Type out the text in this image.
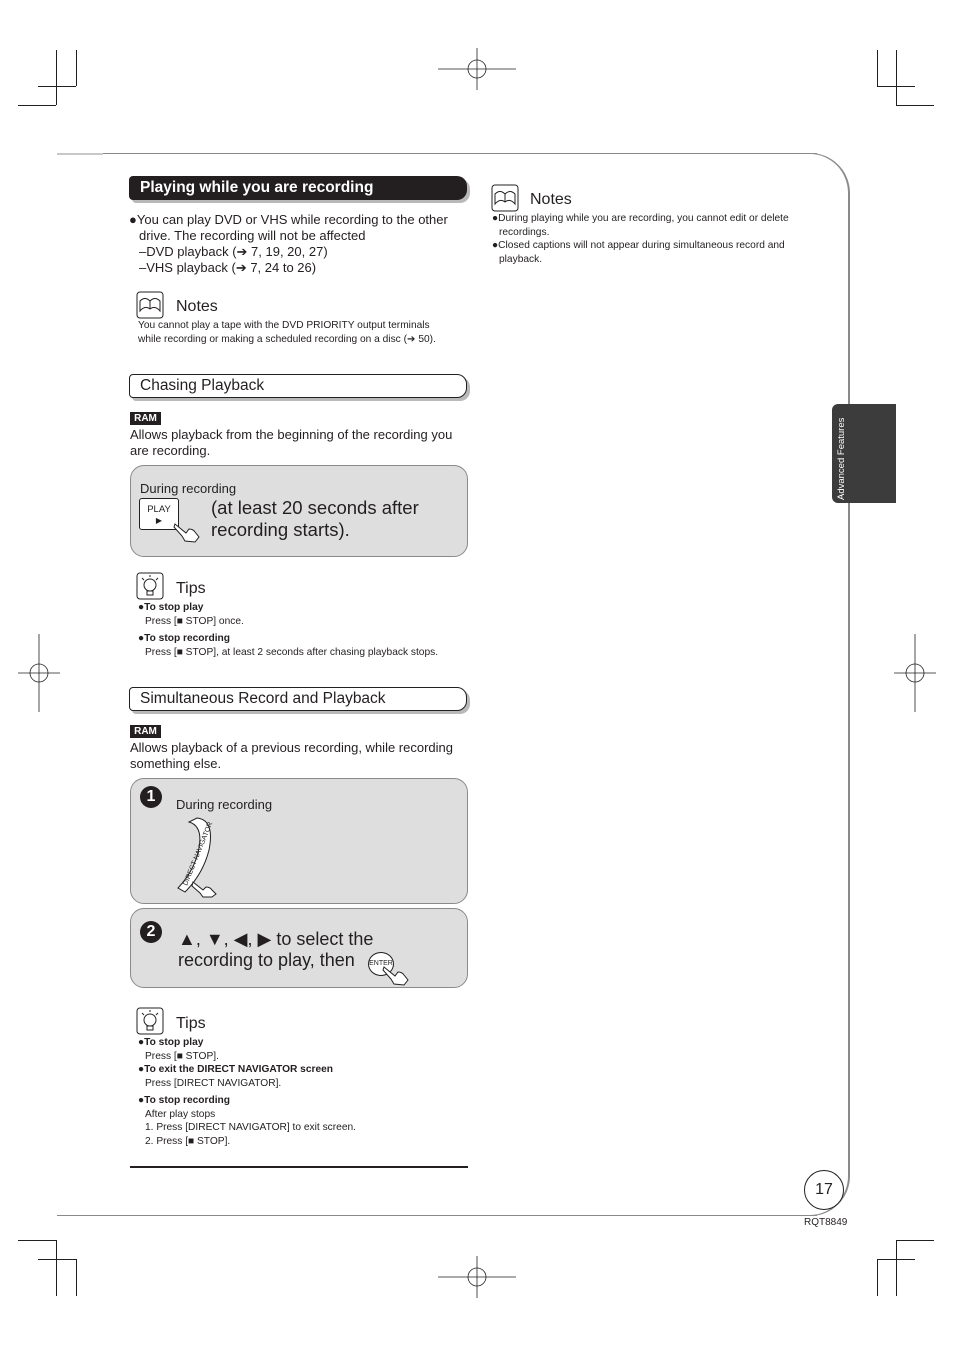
Playing while you are recording
●You can play DVD or VHS while recording to the other
drive. The recording will not be affected
–DVD playback (➔ 7, 19, 20, 27)
–VHS playback (➔ 7, 24 to 26)
Notes
You cannot play a tape with the DVD PRIORITY output terminals
while recording or making a scheduled recording on a disc (➔ 50).
Chasing Playback
RAM
Allows playback from the beginning of the recording you
are recording.
During recording
PLAY
▶
(at least 20 seconds after
recording starts).
Tips
●To stop play
Press [■ STOP] once.
●To stop recording
Press [■ STOP], at least 2 seconds after chasing playback stops.
Simultaneous Record and Playback
RAM
Allows playback of a previous recording, while recording
something else.
1	During recording
DIRECT NAVIGATOR
2	▲, ▼, ◀, ▶ to select the
recording to play, then ENTER
Tips
●To stop play
Press [■ STOP].
●To exit the DIRECT NAVIGATOR screen
Press [DIRECT NAVIGATOR].
●To stop recording
After play stops
1. Press [DIRECT NAVIGATOR] to exit screen.
2. Press [■ STOP].
Notes
●During playing while you are recording, you cannot edit or delete
recordings.
●Closed captions will not appear during simultaneous record and
playback.
Advanced Features
17
RQT8849
